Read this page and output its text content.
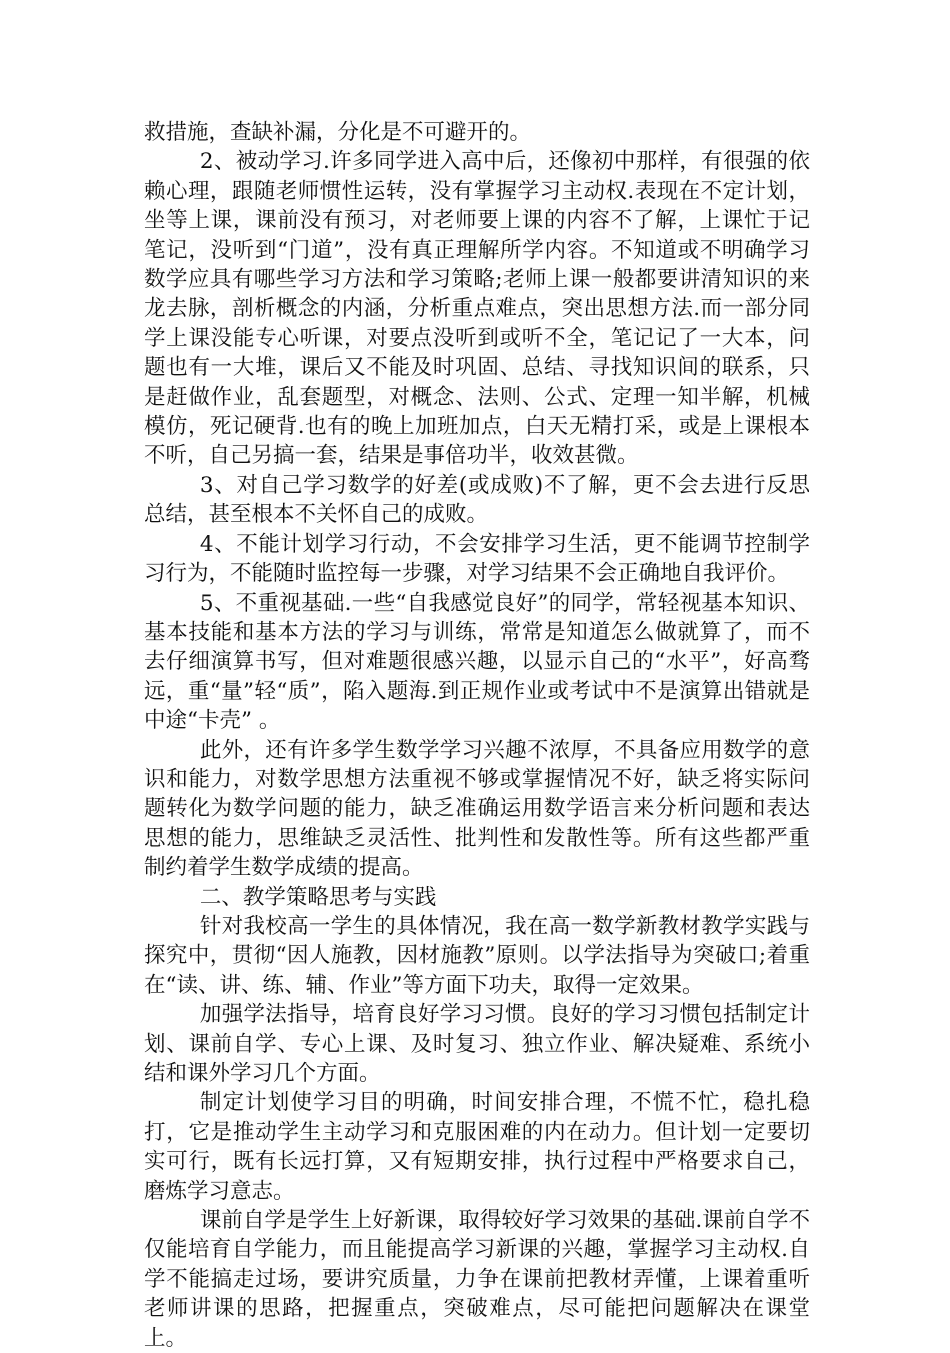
救措施，查缺补漏，分化是不可避开的。

2、被动学习.许多同学进入高中后，还像初中那样，有很强的依赖心理，跟随老师惯性运转，没有掌握学习主动权.表现在不定计划，坐等上课，课前没有预习，对老师要上课的内容不了解，上课忙于记笔记，没听到“门道”，没有真正理解所学内容。不知道或不明确学习数学应具有哪些学习方法和学习策略;老师上课一般都要讲清知识的来龙去脉，剖析概念的内涵，分析重点难点，突出思想方法.而一部分同学上课没能专心听课，对要点没听到或听不全，笔记记了一大本，问题也有一大堆，课后又不能及时巩固、总结、寻找知识间的联系，只是赶做作业，乱套题型，对概念、法则、公式、定理一知半解，机械模仿，死记硬背.也有的晚上加班加点，白天无精打采，或是上课根本不听，自己另搞一套，结果是事倍功半，收效甚微。

3、对自己学习数学的好差(或成败)不了解，更不会去进行反思总结，甚至根本不关怀自己的成败。

4、不能计划学习行动，不会安排学习生活，更不能调节控制学习行为，不能随时监控每一步骤，对学习结果不会正确地自我评价。

5、不重视基础.一些“自我感觉良好”的同学，常轻视基本知识、基本技能和基本方法的学习与训练，常常是知道怎么做就算了，而不去仔细演算书写，但对难题很感兴趣，以显示自己的“水平”，好高骛远，重“量”轻“质”，陷入题海.到正规作业或考试中不是演算出错就是中途“卡壳” 。

此外，还有许多学生数学学习兴趣不浓厚，不具备应用数学的意识和能力，对数学思想方法重视不够或掌握情况不好，缺乏将实际问题转化为数学问题的能力，缺乏准确运用数学语言来分析问题和表达思想的能力，思维缺乏灵活性、批判性和发散性等。所有这些都严重制约着学生数学成绩的提高。

二、教学策略思考与实践

针对我校高一学生的具体情况，我在高一数学新教材教学实践与探究中，贯彻“因人施教，因材施教”原则。以学法指导为突破口;着重在“读、讲、练、辅、作业”等方面下功夫，取得一定效果。

加强学法指导，培育良好学习习惯。良好的学习习惯包括制定计划、课前自学、专心上课、及时复习、独立作业、解决疑难、系统小结和课外学习几个方面。

制定计划使学习目的明确，时间安排合理，不慌不忙，稳扎稳打，它是推动学生主动学习和克服困难的内在动力。但计划一定要切实可行，既有长远打算，又有短期安排，执行过程中严格要求自己，磨炼学习意志。

课前自学是学生上好新课，取得较好学习效果的基础.课前自学不仅能培育自学能力，而且能提高学习新课的兴趣，掌握学习主动权.自学不能搞走过场，要讲究质量，力争在课前把教材弄懂，上课着重听老师讲课的思路，把握重点，突破难点，尽可能把问题解决在课堂上。
